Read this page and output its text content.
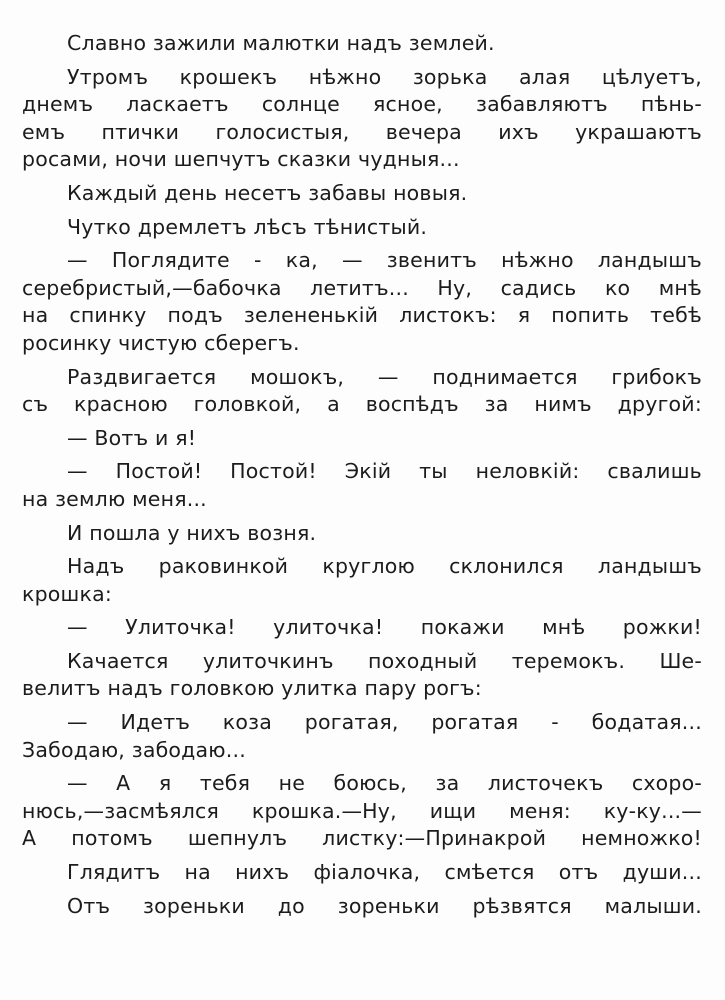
Славно зажили малютки надъ землей.
Утромъ крошекъ нѣжно зорька алая цѣлуетъ,
днемъ ласкаетъ солнце ясное, забавляютъ пѣнь-
емъ птички голосистыя, вечера ихъ украшаютъ
росами, ночи шепчутъ сказки чудныя...
Каждый день несетъ забавы новыя.
Чутко дремлетъ лѣсъ тѣнистый.
— Поглядите - ка, — звенитъ нѣжно ландышъ
серебристый,—бабочка летитъ... Ну, садись ко мнѣ
на спинку подъ зелененькій листокъ: я попить тебѣ
росинку чистую сберегъ.
Раздвигается мошокъ, — поднимается грибокъ
съ красною головкой, а воспѣдъ за нимъ другой:
— Вотъ и я!
— Постой! Постой! Экій ты неловкій: свалишь
на землю меня...
И пошла у нихъ возня.
Надъ раковинкой круглою склонился ландышъ
крошка:
— Улиточка! улиточка! покажи мнѣ рожки!
Качается улиточкинъ походный теремокъ. Ше-
велитъ надъ головкою улитка пару рогъ:
— Идетъ коза рогатая, рогатая - бодатая...
Забодаю, забодаю...
— А я тебя не боюсь, за листочекъ схоро-
нюсь,—засмѣялся крошка.—Ну, ищи меня: ку-ку...—
А потомъ шепнулъ листку:—Принакрой немножко!
Глядитъ на нихъ фіалочка, смѣется отъ души...
Отъ зореньки до зореньки рѣзвятся малыши.
